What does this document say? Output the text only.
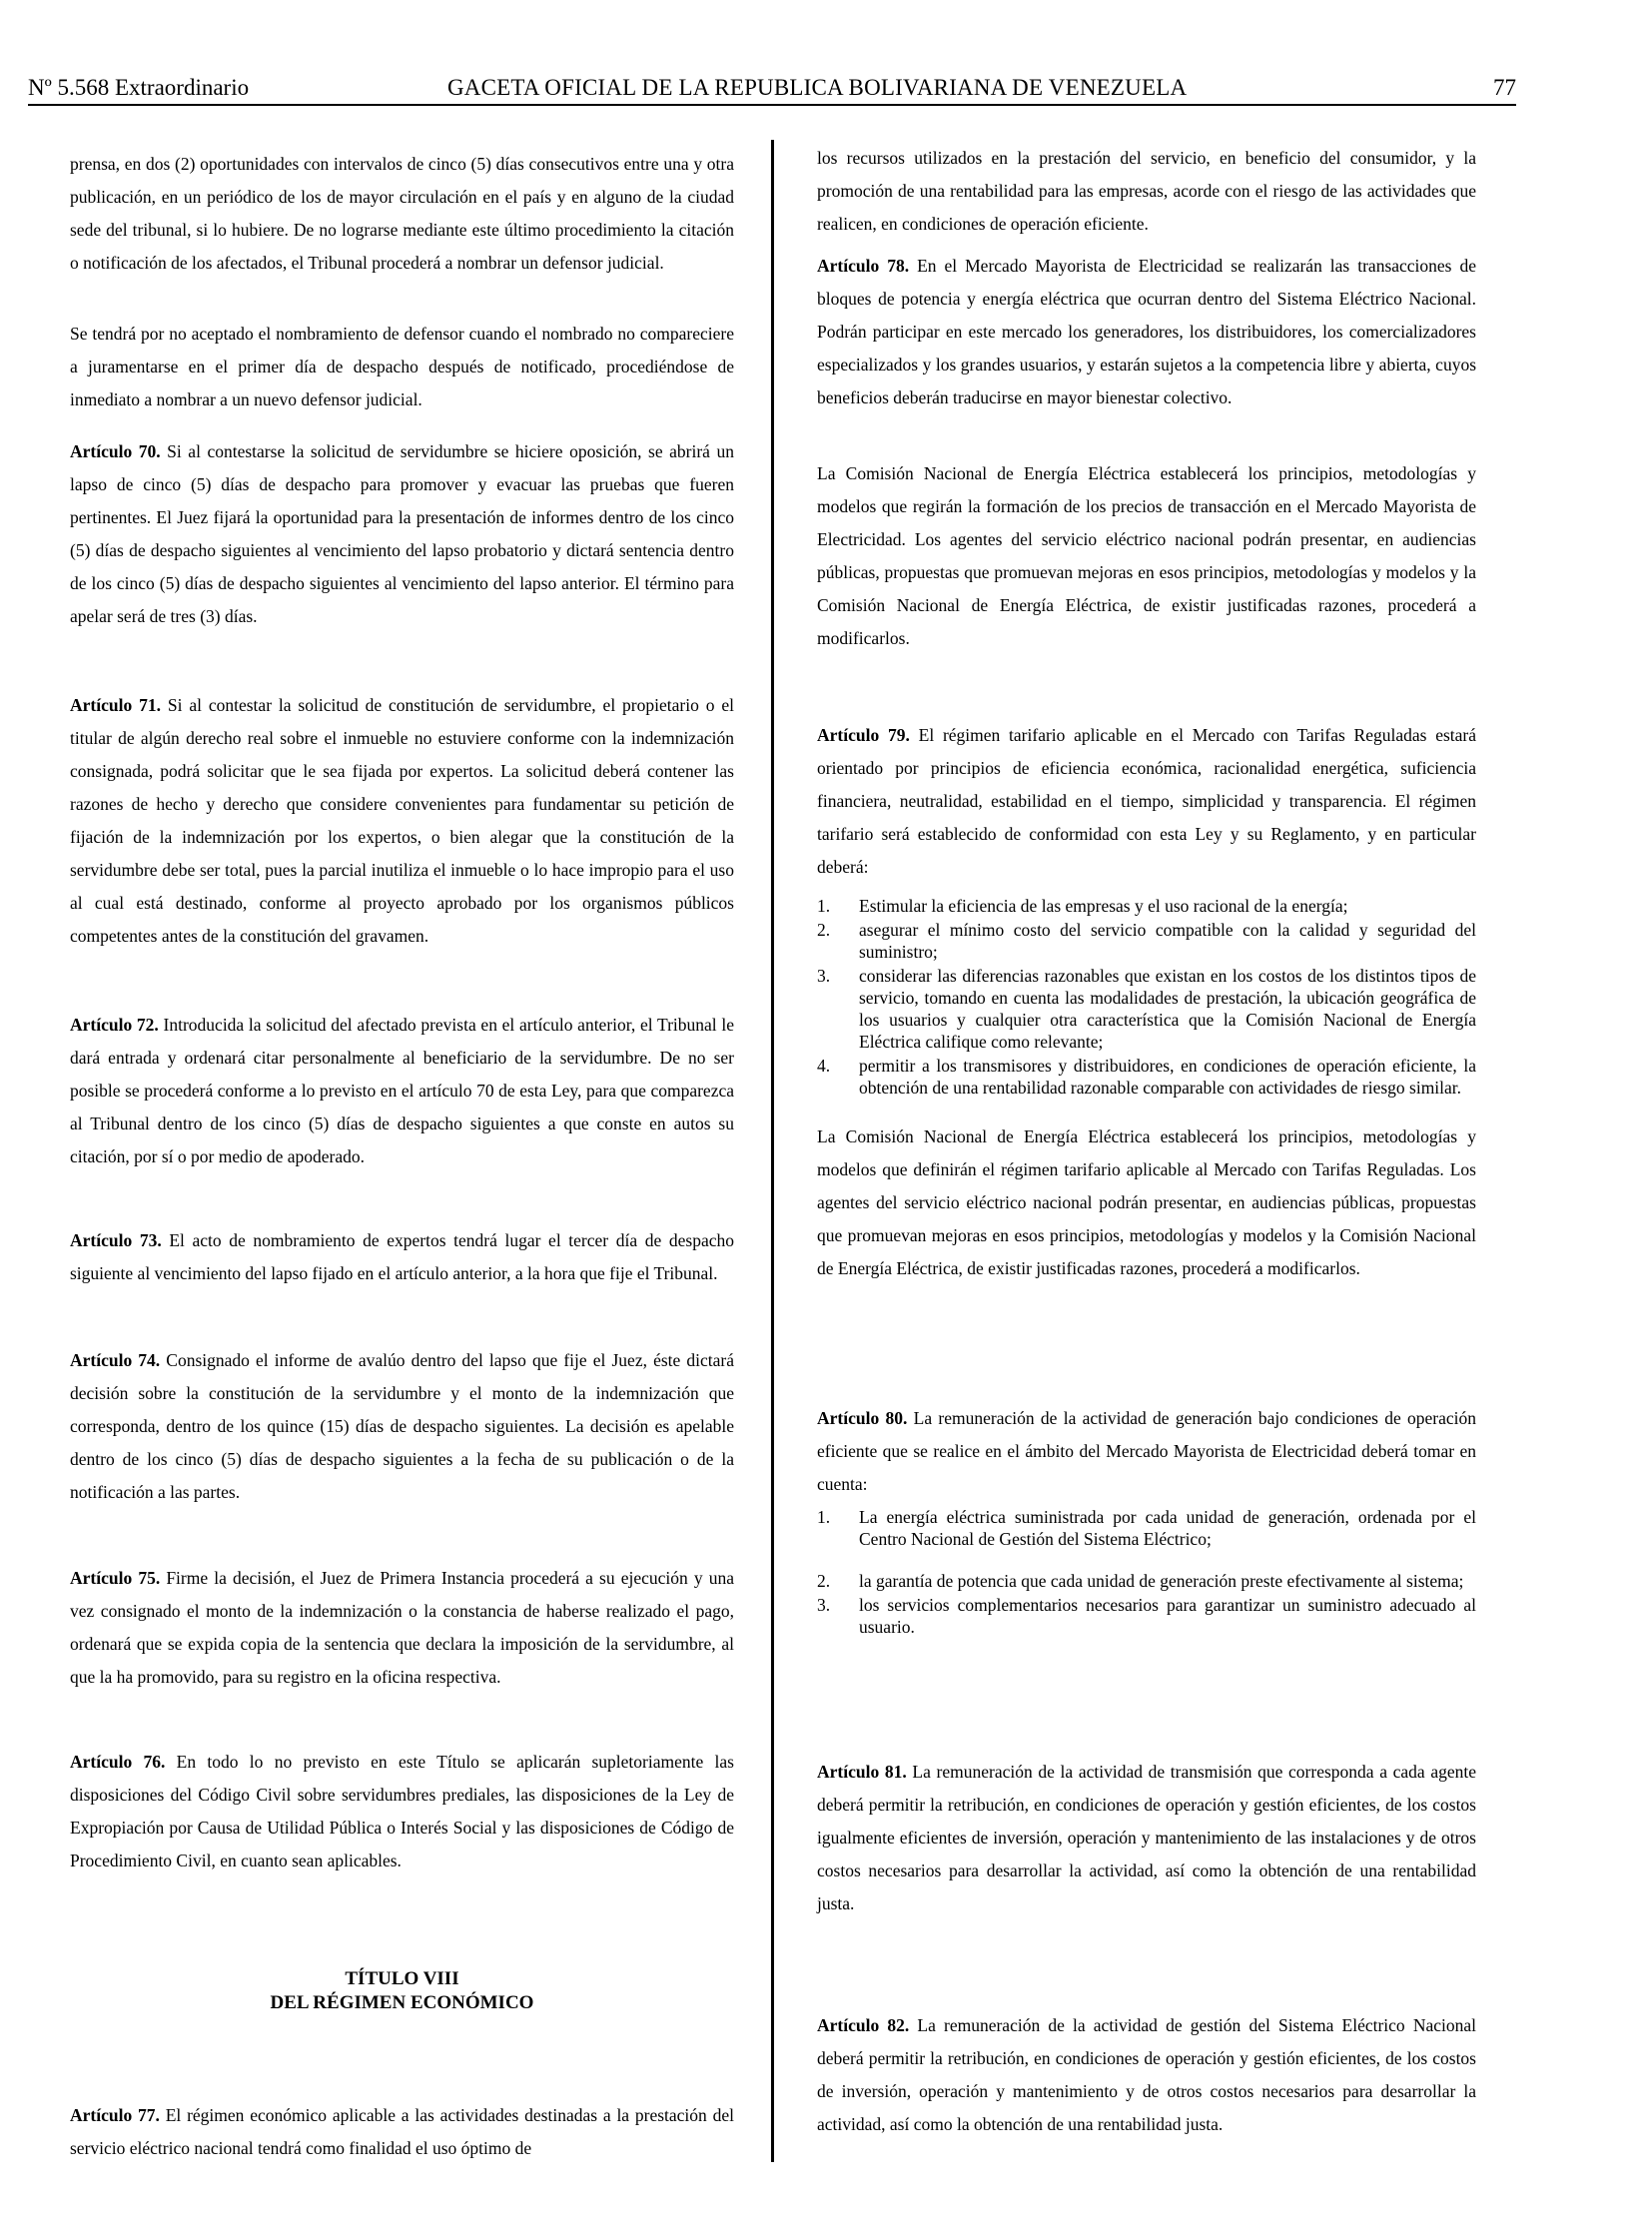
Nº 5.568 Extraordinario	GACETA OFICIAL DE LA REPUBLICA BOLIVARIANA DE VENEZUELA	77

prensa, en dos (2) oportunidades con intervalos de cinco (5) días consecutivos entre una y otra publicación, en un periódico de los de mayor circulación en el país y en alguno de la ciudad sede del tribunal, si lo hubiere. De no lograrse mediante este último procedimiento la citación o notificación de los afectados, el Tribunal procederá a nombrar un defensor judicial.

Se tendrá por no aceptado el nombramiento de defensor cuando el nombrado no compareciere a juramentarse en el primer día de despacho después de notificado, procediéndose de inmediato a nombrar a un nuevo defensor judicial.

Artículo 70. Si al contestarse la solicitud de servidumbre se hiciere oposición, se abrirá un lapso de cinco (5) días de despacho para promover y evacuar las pruebas que fueren pertinentes. El Juez fijará la oportunidad para la presentación de informes dentro de los cinco (5) días de despacho siguientes al vencimiento del lapso probatorio y dictará sentencia dentro de los cinco (5) días de despacho siguientes al vencimiento del lapso anterior. El término para apelar será de tres (3) días.

Artículo 71. Si al contestar la solicitud de constitución de servidumbre, el propietario o el titular de algún derecho real sobre el inmueble no estuviere conforme con la indemnización consignada, podrá solicitar que le sea fijada por expertos. La solicitud deberá contener las razones de hecho y derecho que considere convenientes para fundamentar su petición de fijación de la indemnización por los expertos, o bien alegar que la constitución de la servidumbre debe ser total, pues la parcial inutiliza el inmueble o lo hace impropio para el uso al cual está destinado, conforme al proyecto aprobado por los organismos públicos competentes antes de la constitución del gravamen.

Artículo 72. Introducida la solicitud del afectado prevista en el artículo anterior, el Tribunal le dará entrada y ordenará citar personalmente al beneficiario de la servidumbre. De no ser posible se procederá conforme a lo previsto en el artículo 70 de esta Ley, para que comparezca al Tribunal dentro de los cinco (5) días de despacho siguientes a que conste en autos su citación, por sí o por medio de apoderado.

Artículo 73. El acto de nombramiento de expertos tendrá lugar el tercer día de despacho siguiente al vencimiento del lapso fijado en el artículo anterior, a la hora que fije el Tribunal.

Artículo 74. Consignado el informe de avalúo dentro del lapso que fije el Juez, éste dictará decisión sobre la constitución de la servidumbre y el monto de la indemnización que corresponda, dentro de los quince (15) días de despacho siguientes. La decisión es apelable dentro de los cinco (5) días de despacho siguientes a la fecha de su publicación o de la notificación a las partes.

Artículo 75. Firme la decisión, el Juez de Primera Instancia procederá a su ejecución y una vez consignado el monto de la indemnización o la constancia de haberse realizado el pago, ordenará que se expida copia de la sentencia que declara la imposición de la servidumbre, al que la ha promovido, para su registro en la oficina respectiva.

Artículo 76. En todo lo no previsto en este Título se aplicarán supletoriamente las disposiciones del Código Civil sobre servidumbres prediales, las disposiciones de la Ley de Expropiación por Causa de Utilidad Pública o Interés Social y las disposiciones de Código de Procedimiento Civil, en cuanto sean aplicables.

TÍTULO VIII
DEL RÉGIMEN ECONÓMICO

Artículo 77. El régimen económico aplicable a las actividades destinadas a la prestación del servicio eléctrico nacional tendrá como finalidad el uso óptimo de

los recursos utilizados en la prestación del servicio, en beneficio del consumidor, y la promoción de una rentabilidad para las empresas, acorde con el riesgo de las actividades que realicen, en condiciones de operación eficiente.

Artículo 78. En el Mercado Mayorista de Electricidad se realizarán las transacciones de bloques de potencia y energía eléctrica que ocurran dentro del Sistema Eléctrico Nacional. Podrán participar en este mercado los generadores, los distribuidores, los comercializadores especializados y los grandes usuarios, y estarán sujetos a la competencia libre y abierta, cuyos beneficios deberán traducirse en mayor bienestar colectivo.

La Comisión Nacional de Energía Eléctrica establecerá los principios, metodologías y modelos que regirán la formación de los precios de transacción en el Mercado Mayorista de Electricidad. Los agentes del servicio eléctrico nacional podrán presentar, en audiencias públicas, propuestas que promuevan mejoras en esos principios, metodologías y modelos y la Comisión Nacional de Energía Eléctrica, de existir justificadas razones, procederá a modificarlos.

Artículo 79. El régimen tarifario aplicable en el Mercado con Tarifas Reguladas estará orientado por principios de eficiencia económica, racionalidad energética, suficiencia financiera, neutralidad, estabilidad en el tiempo, simplicidad y transparencia. El régimen tarifario será establecido de conformidad con esta Ley y su Reglamento, y en particular deberá:

1. Estimular la eficiencia de las empresas y el uso racional de la energía;
2. asegurar el mínimo costo del servicio compatible con la calidad y seguridad del suministro;
3. considerar las diferencias razonables que existan en los costos de los distintos tipos de servicio, tomando en cuenta las modalidades de prestación, la ubicación geográfica de los usuarios y cualquier otra característica que la Comisión Nacional de Energía Eléctrica califique como relevante;
4. permitir a los transmisores y distribuidores, en condiciones de operación eficiente, la obtención de una rentabilidad razonable comparable con actividades de riesgo similar.

La Comisión Nacional de Energía Eléctrica establecerá los principios, metodologías y modelos que definirán el régimen tarifario aplicable al Mercado con Tarifas Reguladas. Los agentes del servicio eléctrico nacional podrán presentar, en audiencias públicas, propuestas que promuevan mejoras en esos principios, metodologías y modelos y la Comisión Nacional de Energía Eléctrica, de existir justificadas razones, procederá a modificarlos.

Artículo 80. La remuneración de la actividad de generación bajo condiciones de operación eficiente que se realice en el ámbito del Mercado Mayorista de Electricidad deberá tomar en cuenta:

1. La energía eléctrica suministrada por cada unidad de generación, ordenada por el Centro Nacional de Gestión del Sistema Eléctrico;
2. la garantía de potencia que cada unidad de generación preste efectivamente al sistema;
3. los servicios complementarios necesarios para garantizar un suministro adecuado al usuario.

Artículo 81. La remuneración de la actividad de transmisión que corresponda a cada agente deberá permitir la retribución, en condiciones de operación y gestión eficientes, de los costos igualmente eficientes de inversión, operación y mantenimiento de las instalaciones y de otros costos necesarios para desarrollar la actividad, así como la obtención de una rentabilidad justa.

Artículo 82. La remuneración de la actividad de gestión del Sistema Eléctrico Nacional deberá permitir la retribución, en condiciones de operación y gestión eficientes, de los costos de inversión, operación y mantenimiento y de otros costos necesarios para desarrollar la actividad, así como la obtención de una rentabilidad justa.
